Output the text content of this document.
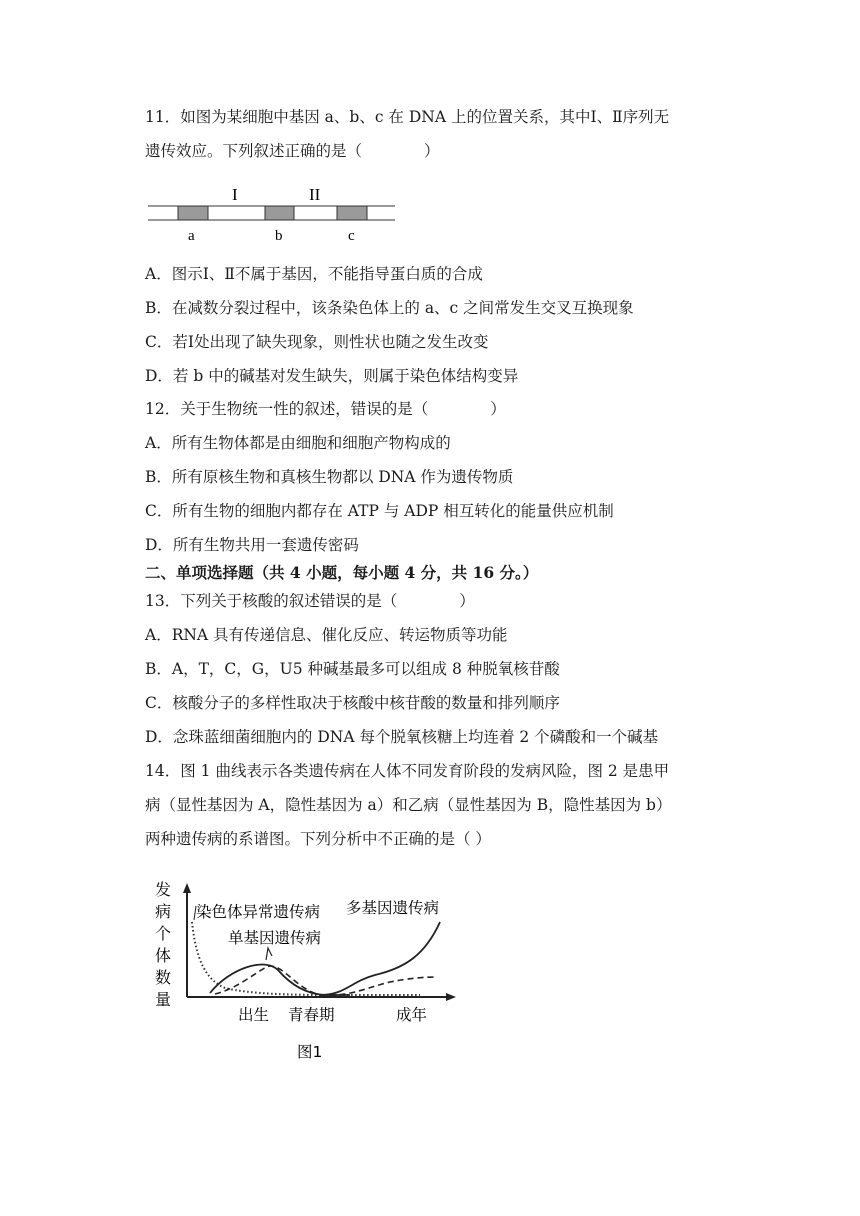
11．如图为某细胞中基因 a、b、c 在 DNA 上的位置关系，其中Ⅰ、Ⅱ序列无
遗传效应。下列叙述正确的是（　　　　）
I	II
a	b	c
A．图示Ⅰ、Ⅱ不属于基因，不能指导蛋白质的合成
B．在减数分裂过程中，该条染色体上的 a、c 之间常发生交叉互换现象
C．若Ⅰ处出现了缺失现象，则性状也随之发生改变
D．若 b 中的碱基对发生缺失，则属于染色体结构变异
12．关于生物统一性的叙述，错误的是（　　　　）
A．所有生物体都是由细胞和细胞产物构成的
B．所有原核生物和真核生物都以 DNA 作为遗传物质
C．所有生物的细胞内都存在 ATP 与 ADP 相互转化的能量供应机制
D．所有生物共用一套遗传密码
二、单项选择题（共 4 小题，每小题 4 分，共 16 分。）
13．下列关于核酸的叙述错误的是（　　　　）
A．RNA 具有传递信息、催化反应、转运物质等功能
B．A，T，C，G，U5 种碱基最多可以组成 8 种脱氧核苷酸
C．核酸分子的多样性取决于核酸中核苷酸的数量和排列顺序
D．念珠蓝细菌细胞内的 DNA 每个脱氧核糖上均连着 2 个磷酸和一个碱基
14．图 1 曲线表示各类遗传病在人体不同发育阶段的发病风险，图 2 是患甲
病（显性基因为 A，隐性基因为 a）和乙病（显性基因为 B，隐性基因为 b）
两种遗传病的系谱图。下列分析中不正确的是（ ）
发
病
个
体
数
量
染色体异常遗传病 多基因遗传病
单基因遗传病
出生 青春期	成年
图1
